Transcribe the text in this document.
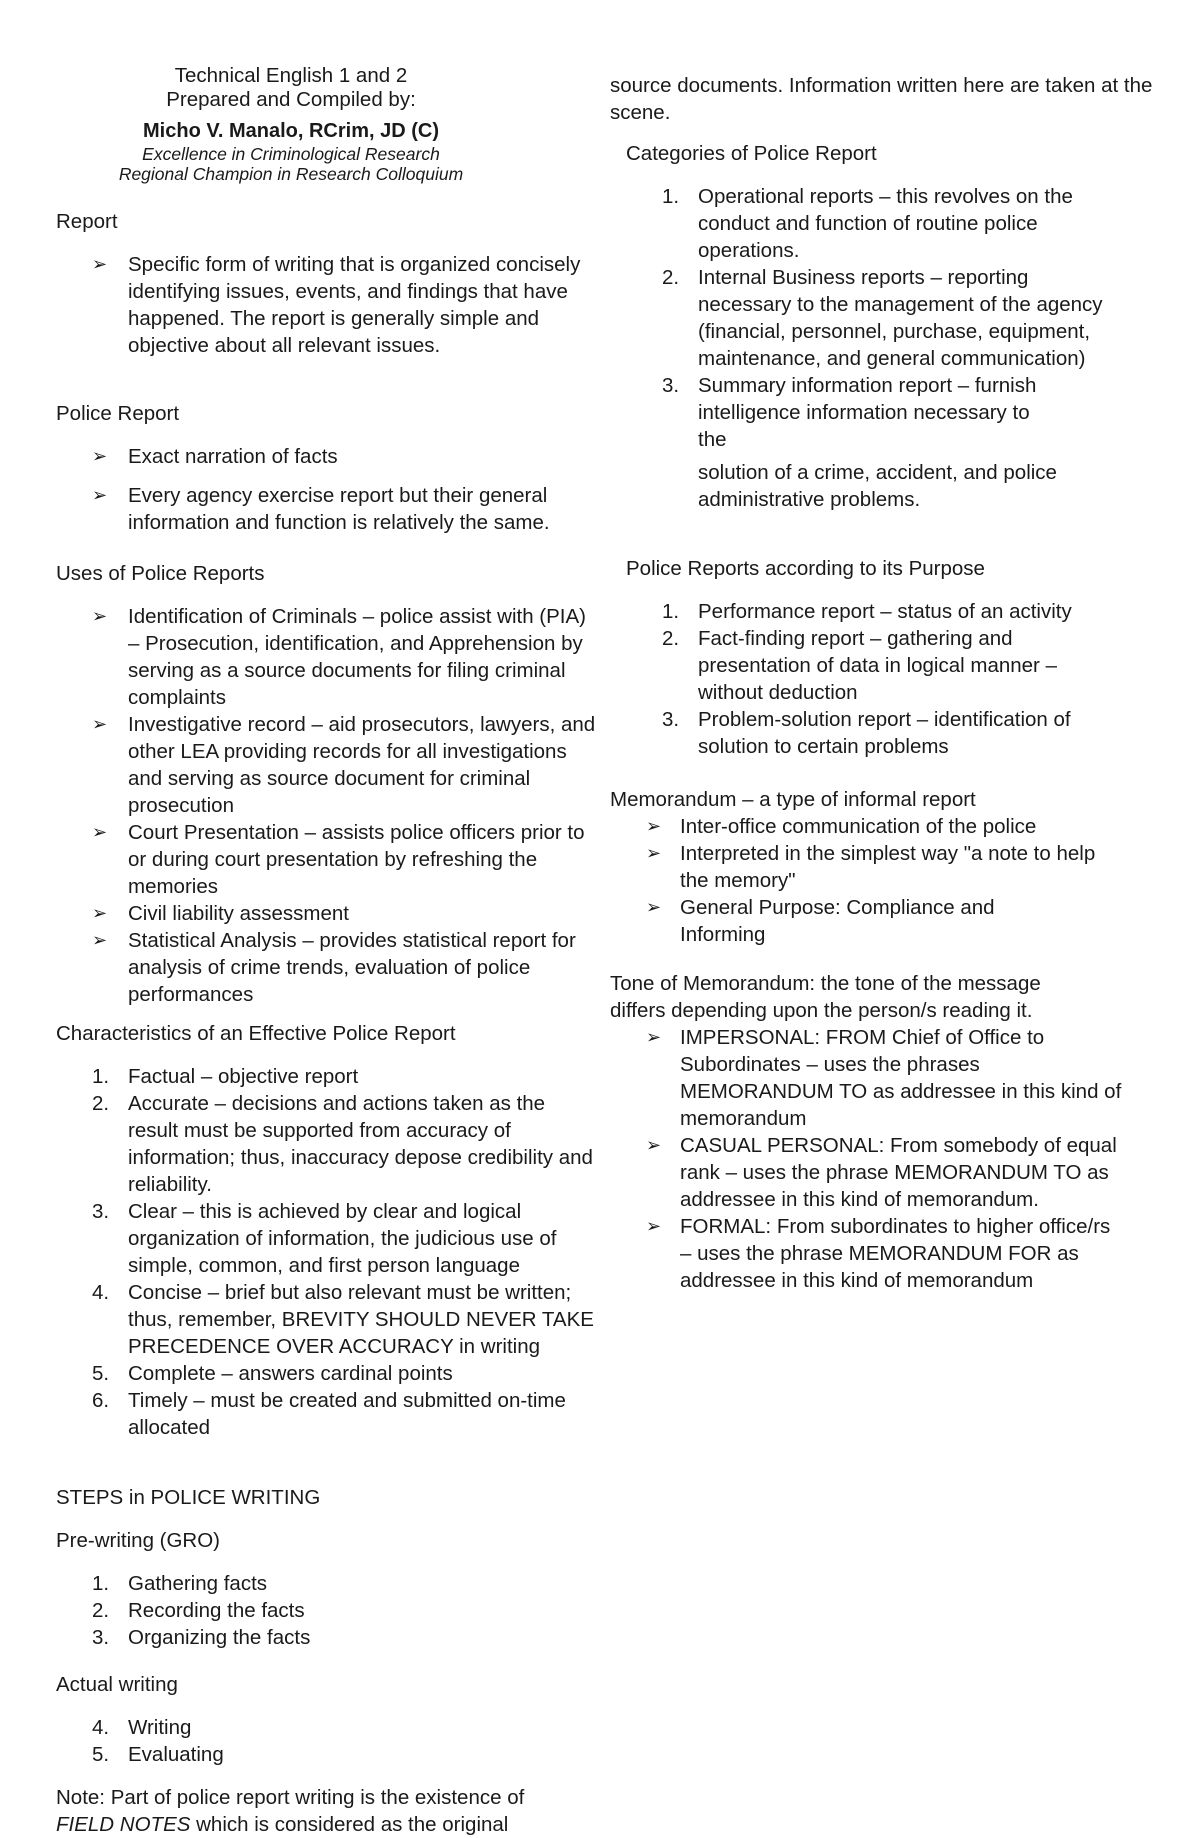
Technical English 1 and 2
Prepared and Compiled by:
Micho V. Manalo, RCrim, JD (C)
Excellence in Criminological Research
Regional Champion in Research Colloquium
Report
➢ Specific form of writing that is organized concisely identifying issues, events, and findings that have happened. The report is generally simple and objective about all relevant issues.
Police Report
➢ Exact narration of facts
➢ Every agency exercise report but their general information and function is relatively the same.
Uses of Police Reports
➢ Identification of Criminals – police assist with (PIA) – Prosecution, identification, and Apprehension by serving as a source documents for filing criminal complaints
➢ Investigative record – aid prosecutors, lawyers, and other LEA providing records for all investigations and serving as source document for criminal prosecution
➢ Court Presentation – assists police officers prior to or during court presentation by refreshing the memories
➢ Civil liability assessment
➢ Statistical Analysis – provides statistical report for analysis of crime trends, evaluation of police performances
Characteristics of an Effective Police Report
1. Factual – objective report
2. Accurate – decisions and actions taken as the result must be supported from accuracy of information; thus, inaccuracy depose credibility and reliability.
3. Clear – this is achieved by clear and logical organization of information, the judicious use of simple, common, and first person language
4. Concise – brief but also relevant must be written; thus, remember, BREVITY SHOULD NEVER TAKE PRECEDENCE OVER ACCURACY in writing
5. Complete – answers cardinal points
6. Timely – must be created and submitted on-time allocated
STEPS in POLICE WRITING
Pre-writing (GRO)
1. Gathering facts
2. Recording the facts
3. Organizing the facts
Actual writing
4. Writing
5. Evaluating
Note: Part of police report writing is the existence of FIELD NOTES which is considered as the original
source documents. Information written here are taken at the scene.
Categories of Police Report
1. Operational reports – this revolves on the conduct and function of routine police operations.
2. Internal Business reports – reporting necessary to the management of the agency (financial, personnel, purchase, equipment, maintenance, and general communication)
3. Summary information report – furnish intelligence information necessary to the
solution of a crime, accident, and police administrative problems.
Police Reports according to its Purpose
1. Performance report – status of an activity
2. Fact-finding report – gathering and presentation of data in logical manner – without deduction
3. Problem-solution report – identification of solution to certain problems
Memorandum – a type of informal report
➢ Inter-office communication of the police
➢ Interpreted in the simplest way "a note to help the memory"
➢ General Purpose: Compliance and Informing
Tone of Memorandum: the tone of the message differs depending upon the person/s reading it.
➢ IMPERSONAL: FROM Chief of Office to Subordinates – uses the phrases MEMORANDUM TO as addressee in this kind of memorandum
➢ CASUAL PERSONAL: From somebody of equal rank – uses the phrase MEMORANDUM TO as addressee in this kind of memorandum.
➢ FORMAL: From subordinates to higher office/rs – uses the phrase MEMORANDUM FOR as addressee in this kind of memorandum
